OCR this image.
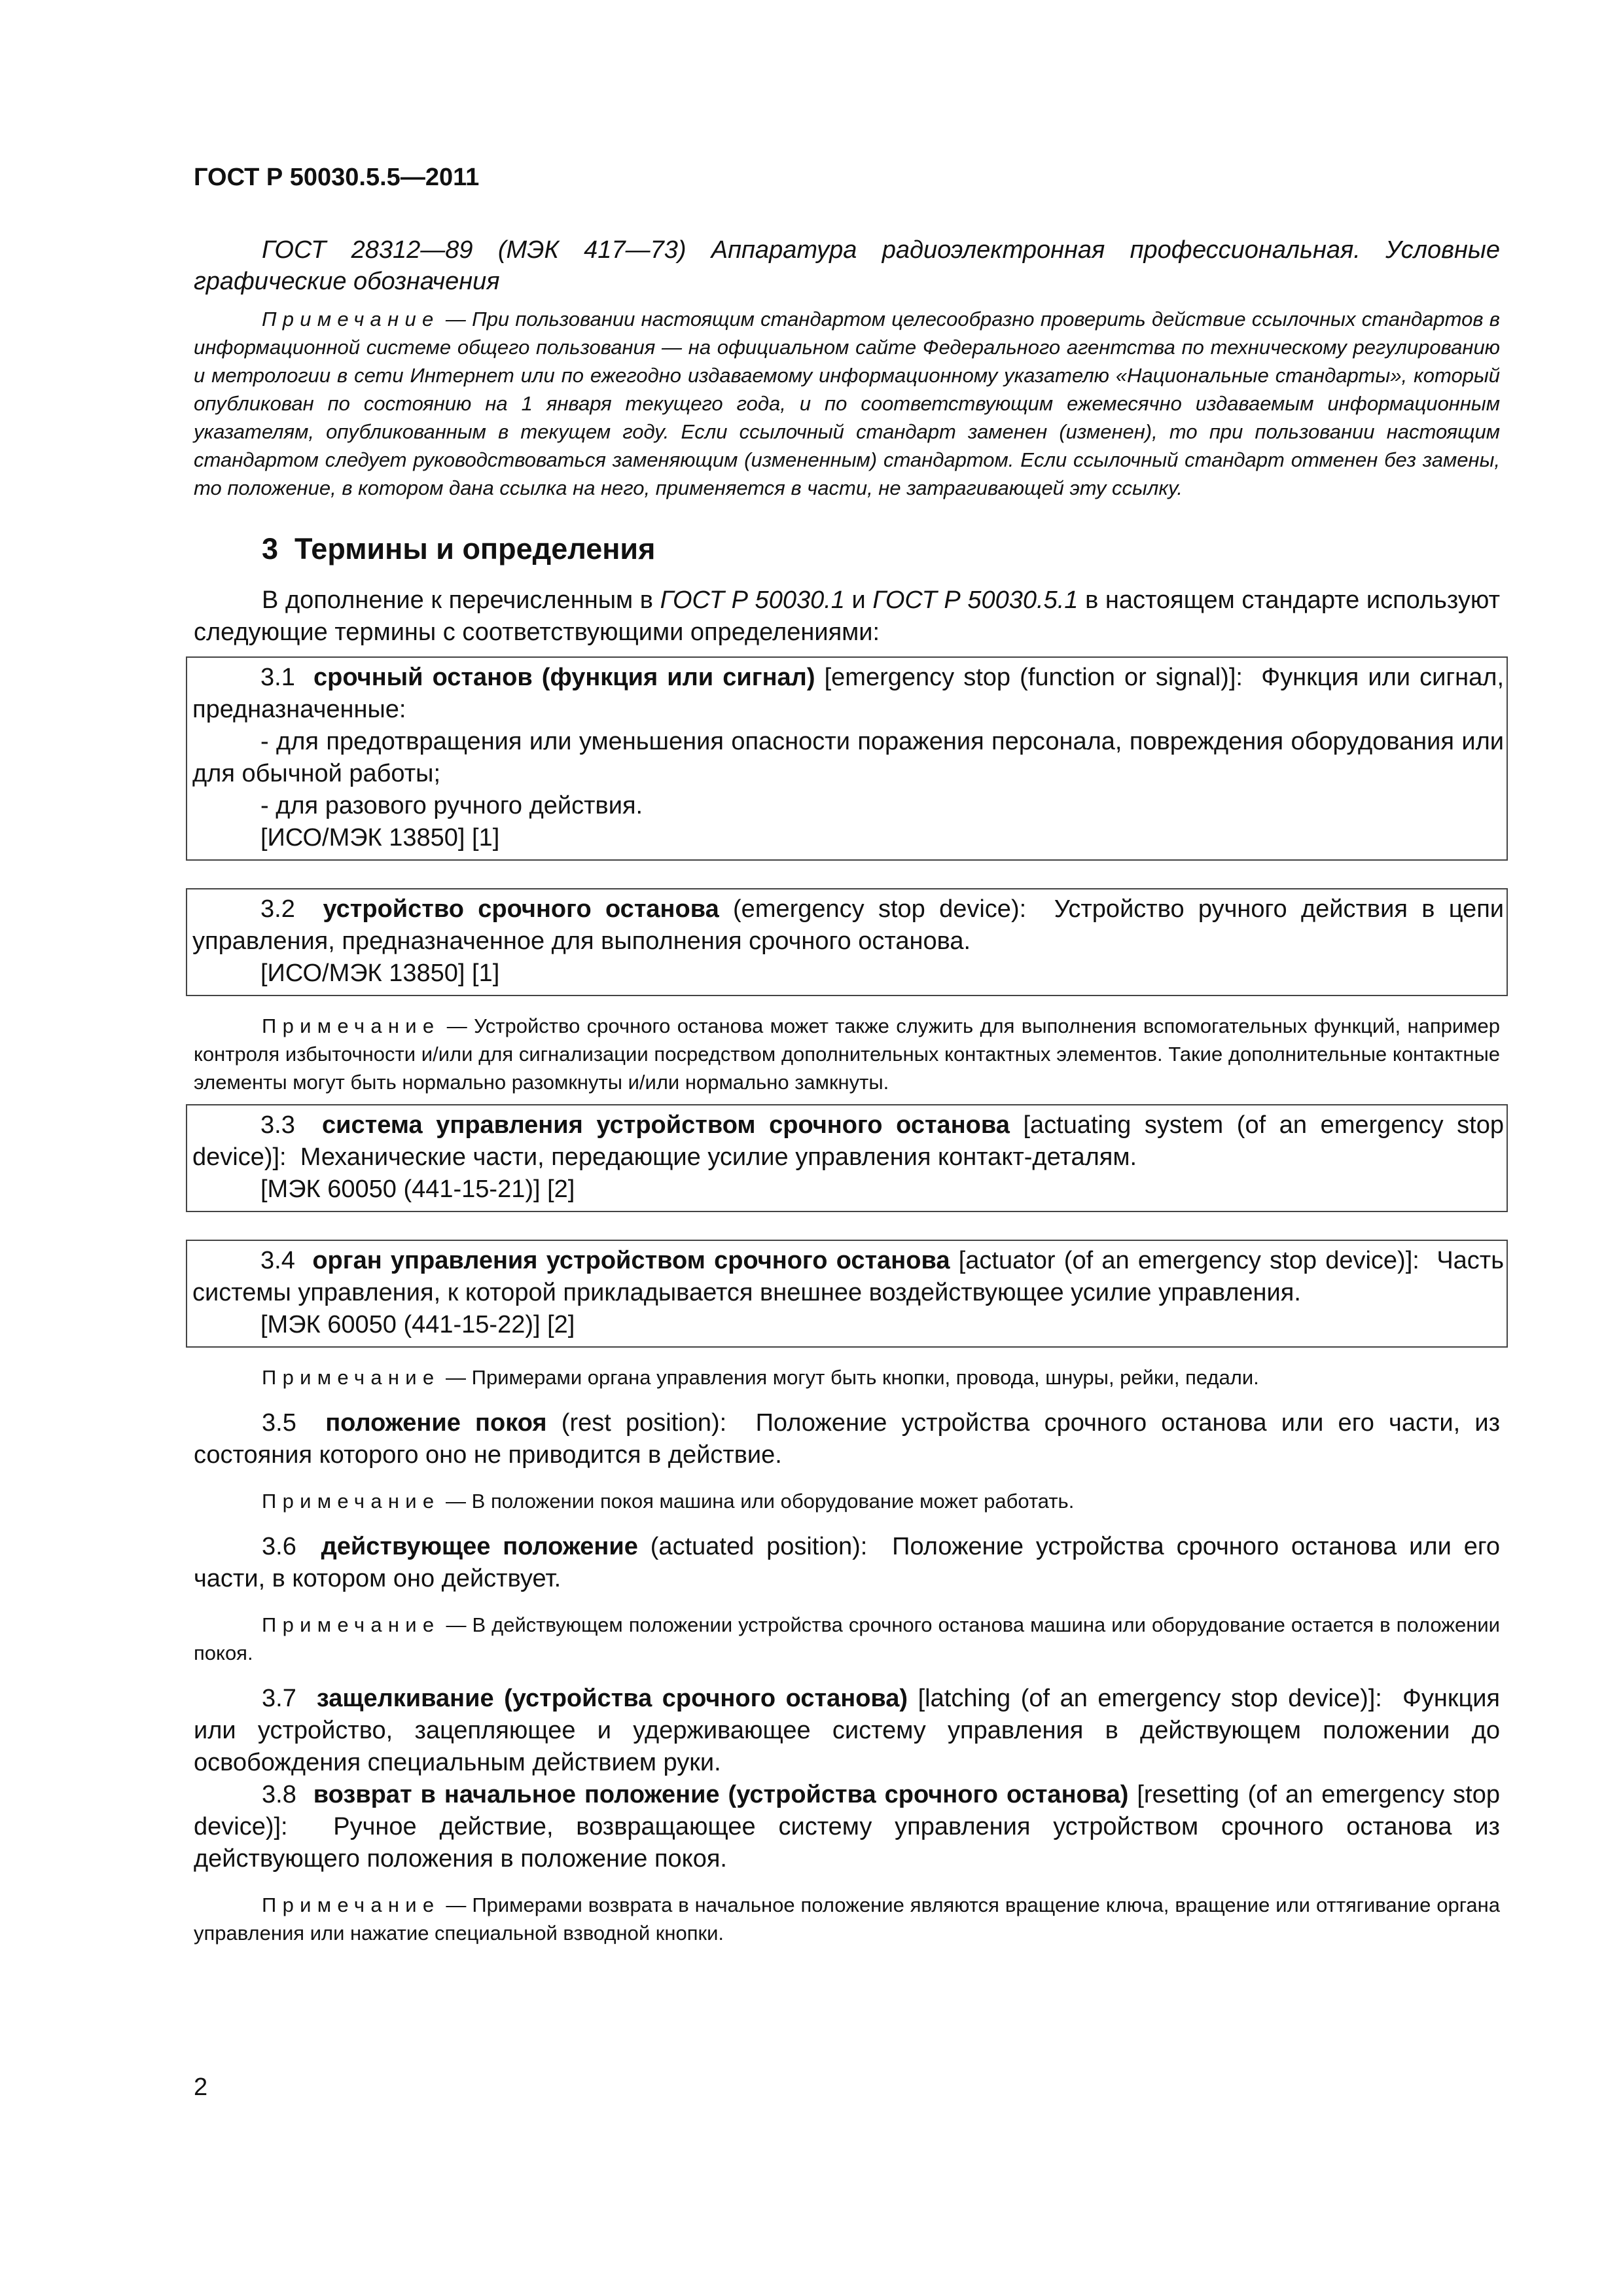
ГОСТ Р 50030.5.5—2011

ГОСТ 28312—89 (МЭК 417—73) Аппаратура радиоэлектронная профессиональная. Условные графические обозначения

Примечание — При пользовании настоящим стандартом целесообразно проверить действие ссылочных стандартов в информационной системе общего пользования — на официальном сайте Федерального агентства по техническому регулированию и метрологии в сети Интернет или по ежегодно издаваемому информационному указателю «Национальные стандарты», который опубликован по состоянию на 1 января текущего года, и по соответствующим ежемесячно издаваемым информационным указателям, опубликованным в текущем году. Если ссылочный стандарт заменен (изменен), то при пользовании настоящим стандартом следует руководствоваться заменяющим (измененным) стандартом. Если ссылочный стандарт отменен без замены, то положение, в котором дана ссылка на него, применяется в части, не затрагивающей эту ссылку.

3 Термины и определения

В дополнение к перечисленным в ГОСТ Р 50030.1 и ГОСТ Р 50030.5.1 в настоящем стандарте используют следующие термины с соответствующими определениями:

3.1 срочный останов (функция или сигнал) [emergency stop (function or signal)]: Функция или сигнал, предназначенные:

- для предотвращения или уменьшения опасности поражения персонала, повреждения оборудования или для обычной работы;

- для разового ручного действия.

[ИСО/МЭК 13850] [1]

3.2 устройство срочного останова (emergency stop device): Устройство ручного действия в цепи управления, предназначенное для выполнения срочного останова.

[ИСО/МЭК 13850] [1]

Примечание — Устройство срочного останова может также служить для выполнения вспомогательных функций, например контроля избыточности и/или для сигнализации посредством дополнительных контактных элементов. Такие дополнительные контактные элементы могут быть нормально разомкнуты и/или нормально замкнуты.

3.3 система управления устройством срочного останова [actuating system (of an emergency stop device)]: Механические части, передающие усилие управления контакт-деталям.

[МЭК 60050 (441-15-21)] [2]

3.4 орган управления устройством срочного останова [actuator (of an emergency stop device)]: Часть системы управления, к которой прикладывается внешнее воздействующее усилие управления.

[МЭК 60050 (441-15-22)] [2]

Примечание — Примерами органа управления могут быть кнопки, провода, шнуры, рейки, педали.

3.5 положение покоя (rest position): Положение устройства срочного останова или его части, из состояния которого оно не приводится в действие.

Примечание — В положении покоя машина или оборудование может работать.

3.6 действующее положение (actuated position): Положение устройства срочного останова или его части, в котором оно действует.

Примечание — В действующем положении устройства срочного останова машина или оборудование остается в положении покоя.

3.7 защелкивание (устройства срочного останова) [latching (of an emergency stop device)]: Функция или устройство, зацепляющее и удерживающее систему управления в действующем положении до освобождения специальным действием руки.

3.8 возврат в начальное положение (устройства срочного останова) [resetting (of an emergency stop device)]: Ручное действие, возвращающее систему управления устройством срочного останова из действующего положения в положение покоя.

Примечание — Примерами возврата в начальное положение являются вращение ключа, вращение или оттягивание органа управления или нажатие специальной взводной кнопки.

2
